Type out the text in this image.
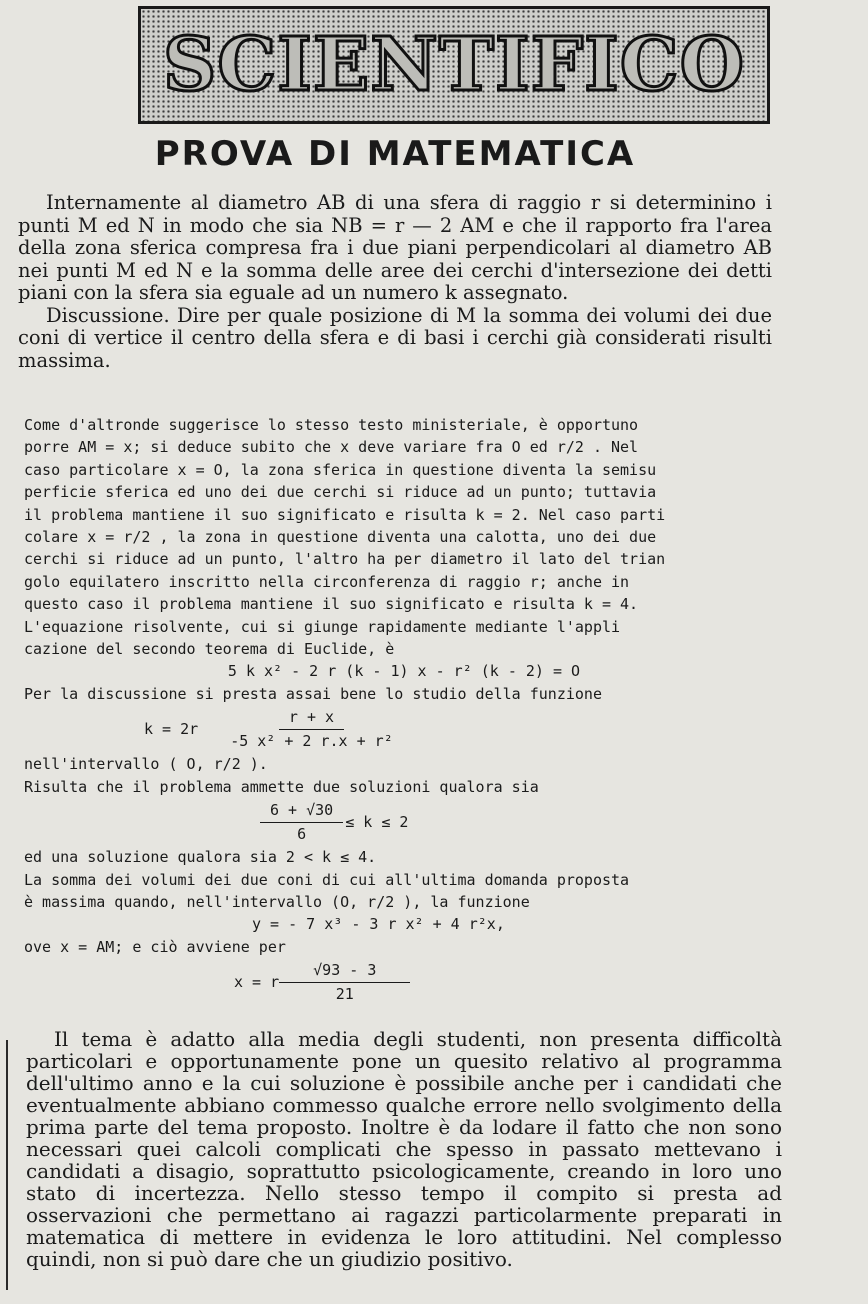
SCIENTIFICO
PROVA DI MATEMATICA

Internamente al diametro AB di una sfera di raggio r si determinino i punti M ed N in modo che sia NB = r — 2 AM e che il rapporto fra l'area della zona sferica compresa fra i due piani perpendicolari al diametro AB nei punti M ed N e la somma delle aree dei cerchi d'intersezione dei detti piani con la sfera sia eguale ad un numero k assegnato.

Discussione. Dire per quale posizione di M la somma dei volumi dei due coni di vertice il centro della sfera e di basi i cerchi già considerati risulti massima.

Come d'altronde suggerisce lo stesso testo ministeriale, è opportuno
porre AM = x; si deduce subito che x deve variare fra O ed r/2 . Nel
caso particolare x = O, la zona sferica in questione diventa la semisu
perficie sferica ed uno dei due cerchi si riduce ad un punto; tuttavia
il problema mantiene il suo significato e risulta k = 2. Nel caso parti
colare x = r/2 , la zona in questione diventa una calotta, uno dei due
cerchi si riduce ad un punto, l'altro ha per diametro il lato del trian
golo equilatero inscritto nella circonferenza di raggio r; anche in
questo caso il problema mantiene il suo significato e risulta k = 4.
L'equazione risolvente, cui si giunge rapidamente mediante l'appli
cazione del secondo teorema di Euclide, è
5 k x² - 2 r (k - 1) x - r² (k - 2) = O
Per la discussione si presta assai bene lo studio della funzione
$k = 2r \frac{r + x}{\text{-5 x² + 2 r.x + r²}}$
nell'intervallo ( O, r/2 ).
Risulta che il problema ammette due soluzioni qualora sia
$\frac{6 + √30}{6} \le k \le 2$
ed una soluzione qualora sia 2 < k ≤ 4.
La somma dei volumi dei due coni di cui all'ultima domanda proposta
è massima quando, nell'intervallo (O, r/2 ), la funzione
y = - 7 x³ - 3 r x² + 4 r²x,
ove x = AM; e ciò avviene per
x = r $\frac{√93 - 3}{21}$

Il tema è adatto alla media degli studenti, non presenta difficoltà particolari e opportunamente pone un quesito relativo al programma dell'ultimo anno e la cui soluzione è possibile anche per i candidati che eventualmente abbiano commesso qualche errore nello svolgimento della prima parte del tema proposto. Inoltre è da lodare il fatto che non sono necessari quei calcoli complicati che spesso in passato mettevano i candidati a disagio, soprattutto psicologicamente, creando in loro uno stato di incertezza. Nello stesso tempo il compito si presta ad osservazioni che permettano ai ragazzi particolarmente preparati in matematica di mettere in evidenza le loro attitudini. Nel complesso quindi, non si può dare che un giudizio positivo.
